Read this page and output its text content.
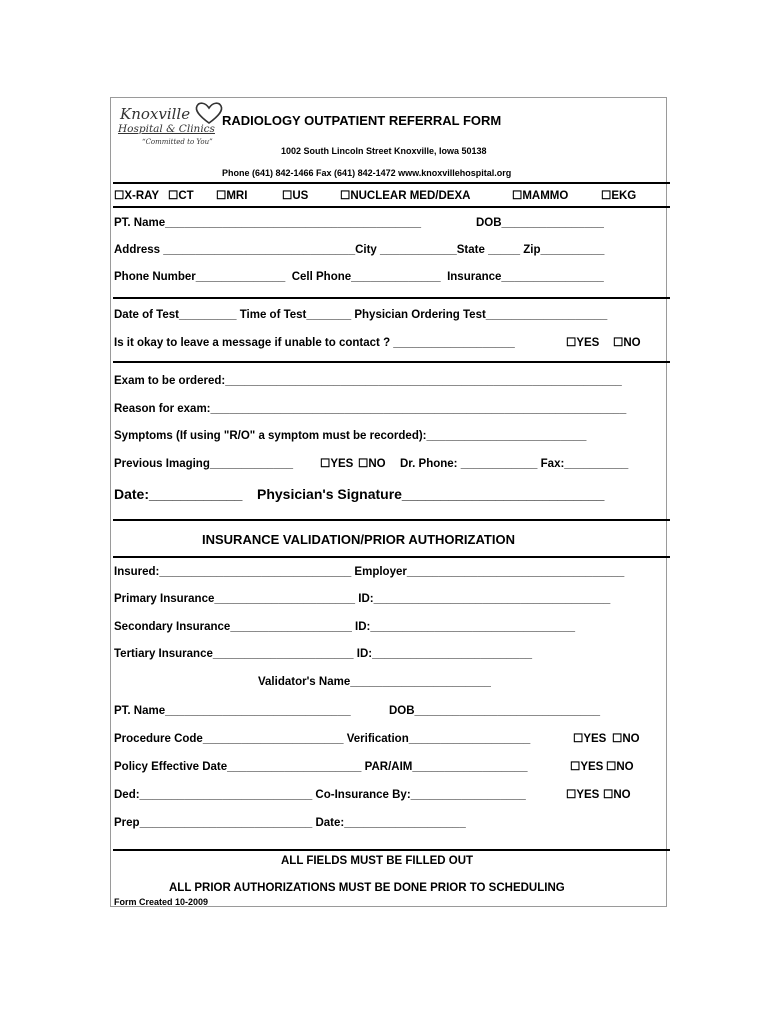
Knoxville
Hospital & Clinics
“Committed to You”
RADIOLOGY OUTPATIENT REFERRAL FORM
1002 South Lincoln Street Knoxville, Iowa 50138
Phone (641) 842-1466 Fax (641) 842-1472 www.knoxvillehospital.org
☐X-RAY ☐CT ☐MRI	☐US	☐NUCLEAR MED/DEXA	☐MAMMO	☐EKG
PT. Name________________________________________	DOB________________
Address ______________________________City ____________State _____ Zip__________
Phone Number______________  Cell Phone______________  Insurance________________
Date of Test_________ Time of Test_______ Physician Ordering Test___________________
Is it okay to leave a message if unable to contact ? ___________________	☐YES ☐NO
Exam to be ordered:______________________________________________________________
Reason for exam:_________________________________________________________________
Symptoms (If using "R/O" a symptom must be recorded):_________________________
Previous Imaging_____________ ☐YES ☐NO Dr. Phone: ____________ Fax:__________
Date:____________ Physician's Signature__________________________
INSURANCE VALIDATION/PRIOR AUTHORIZATION
Insured:______________________________ Employer__________________________________
Primary Insurance______________________ ID:_____________________________________
Secondary Insurance___________________ ID:________________________________
Tertiary Insurance______________________ ID:_________________________
Validator's Name______________________
PT. Name_____________________________	DOB_____________________________
Procedure Code______________________ Verification___________________	☐YES ☐NO
Policy Effective Date_____________________ PAR/AIM__________________	☐YES ☐NO
Ded:___________________________ Co-Insurance By:__________________	☐YES ☐NO
Prep___________________________ Date:___________________
ALL FIELDS MUST BE FILLED OUT
ALL PRIOR AUTHORIZATIONS MUST BE DONE PRIOR TO SCHEDULING
Form Created 10-2009
